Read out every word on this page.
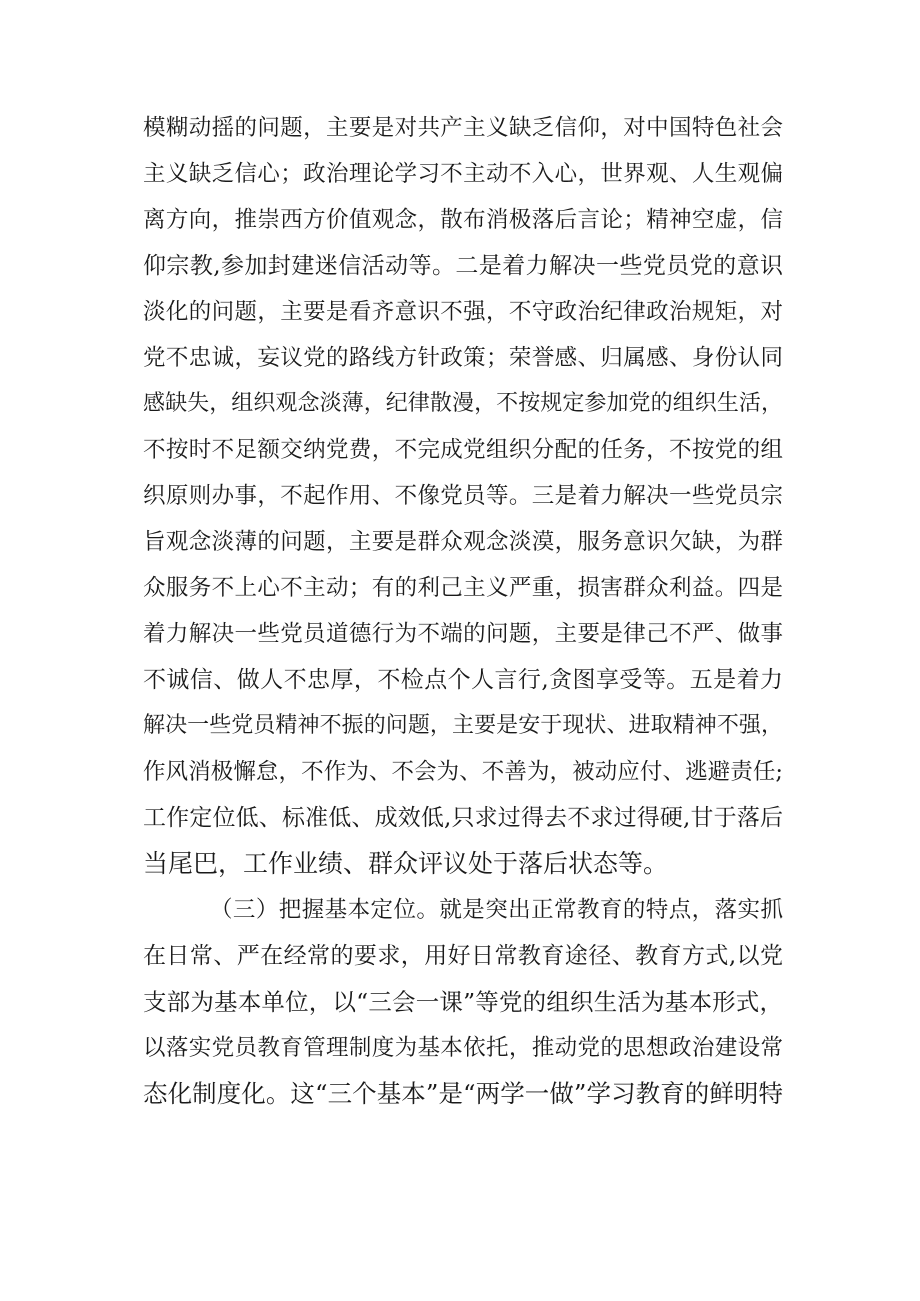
模糊动摇的问题，主要是对共产主义缺乏信仰，对中国特色社会

主义缺乏信心；政治理论学习不主动不入心，世界观、人生观偏

离方向，推崇西方价值观念，散布消极落后言论；精神空虚，信

仰宗教,参加封建迷信活动等。二是着力解决一些党员党的意识

淡化的问题，主要是看齐意识不强，不守政治纪律政治规矩，对

党不忠诚，妄议党的路线方针政策；荣誉感、归属感、身份认同

感缺失，组织观念淡薄，纪律散漫，不按规定参加党的组织生活，

不按时不足额交纳党费，不完成党组织分配的任务，不按党的组

织原则办事，不起作用、不像党员等。三是着力解决一些党员宗

旨观念淡薄的问题，主要是群众观念淡漠，服务意识欠缺，为群

众服务不上心不主动；有的利己主义严重，损害群众利益。四是

着力解决一些党员道德行为不端的问题，主要是律己不严、做事

不诚信、做人不忠厚，不检点个人言行,贪图享受等。五是着力

解决一些党员精神不振的问题，主要是安于现状、进取精神不强，

作风消极懈怠，不作为、不会为、不善为，被动应付、逃避责任;

工作定位低、标准低、成效低,只求过得去不求过得硬,甘于落后

当尾巴，工作业绩、群众评议处于落后状态等。

（三）把握基本定位。就是突出正常教育的特点，落实抓

在日常、严在经常的要求，用好日常教育途径、教育方式,以党

支部为基本单位，以“三会一课”等党的组织生活为基本形式，

以落实党员教育管理制度为基本依托，推动党的思想政治建设常

态化制度化。这“三个基本”是“两学一做”学习教育的鲜明特
